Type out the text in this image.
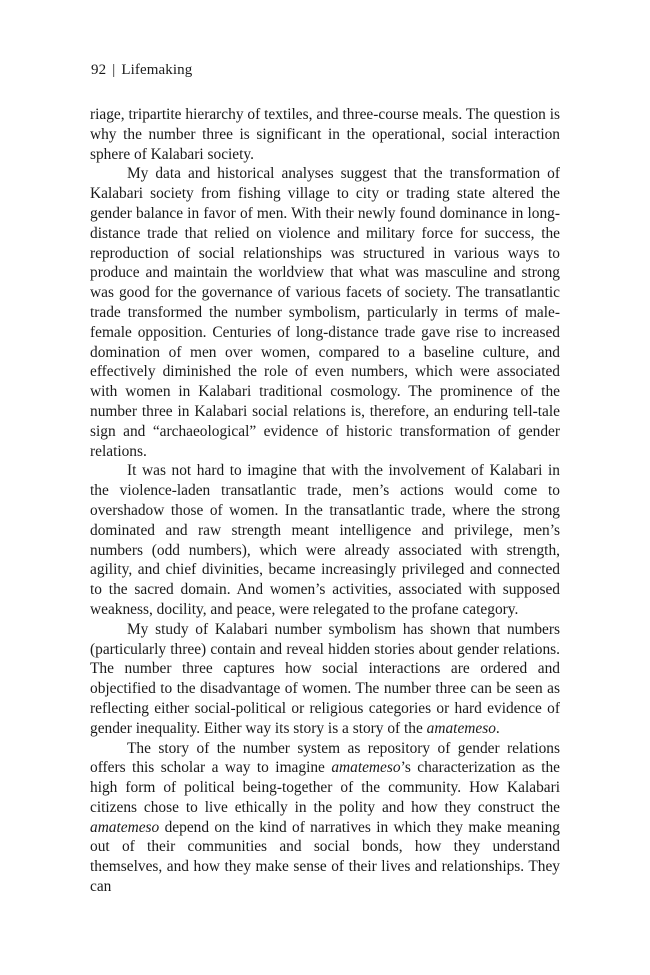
92 | Lifemaking

riage, tripartite hierarchy of textiles, and three-course meals. The question is why the number three is significant in the operational, social interaction sphere of Kalabari society.

My data and historical analyses suggest that the transformation of Kalabari society from fishing village to city or trading state altered the gender balance in favor of men. With their newly found dominance in long-distance trade that relied on violence and military force for success, the reproduction of social relationships was structured in various ways to produce and maintain the worldview that what was masculine and strong was good for the governance of various facets of society. The transatlantic trade transformed the number symbolism, particularly in terms of male-female opposition. Centuries of long-distance trade gave rise to increased domination of men over women, compared to a baseline culture, and effectively diminished the role of even numbers, which were associated with women in Kalabari traditional cosmology. The prominence of the number three in Kalabari social relations is, therefore, an enduring tell-tale sign and “archaeological” evidence of historic transformation of gender relations.

It was not hard to imagine that with the involvement of Kalabari in the violence-laden transatlantic trade, men’s actions would come to overshadow those of women. In the transatlantic trade, where the strong dominated and raw strength meant intelligence and privilege, men’s numbers (odd numbers), which were already associated with strength, agility, and chief divinities, became increasingly privileged and connected to the sacred domain. And women’s activities, associated with supposed weakness, docility, and peace, were relegated to the profane category.

My study of Kalabari number symbolism has shown that numbers (particularly three) contain and reveal hidden stories about gender relations. The number three captures how social interactions are ordered and objectified to the disadvantage of women. The number three can be seen as reflecting either social-political or religious categories or hard evidence of gender inequality. Either way its story is a story of the amatemeso.

The story of the number system as repository of gender relations offers this scholar a way to imagine amatemeso’s characterization as the high form of political being-together of the community. How Kalabari citizens chose to live ethically in the polity and how they construct the amatemeso depend on the kind of narratives in which they make meaning out of their communities and social bonds, how they understand themselves, and how they make sense of their lives and relationships. They can
